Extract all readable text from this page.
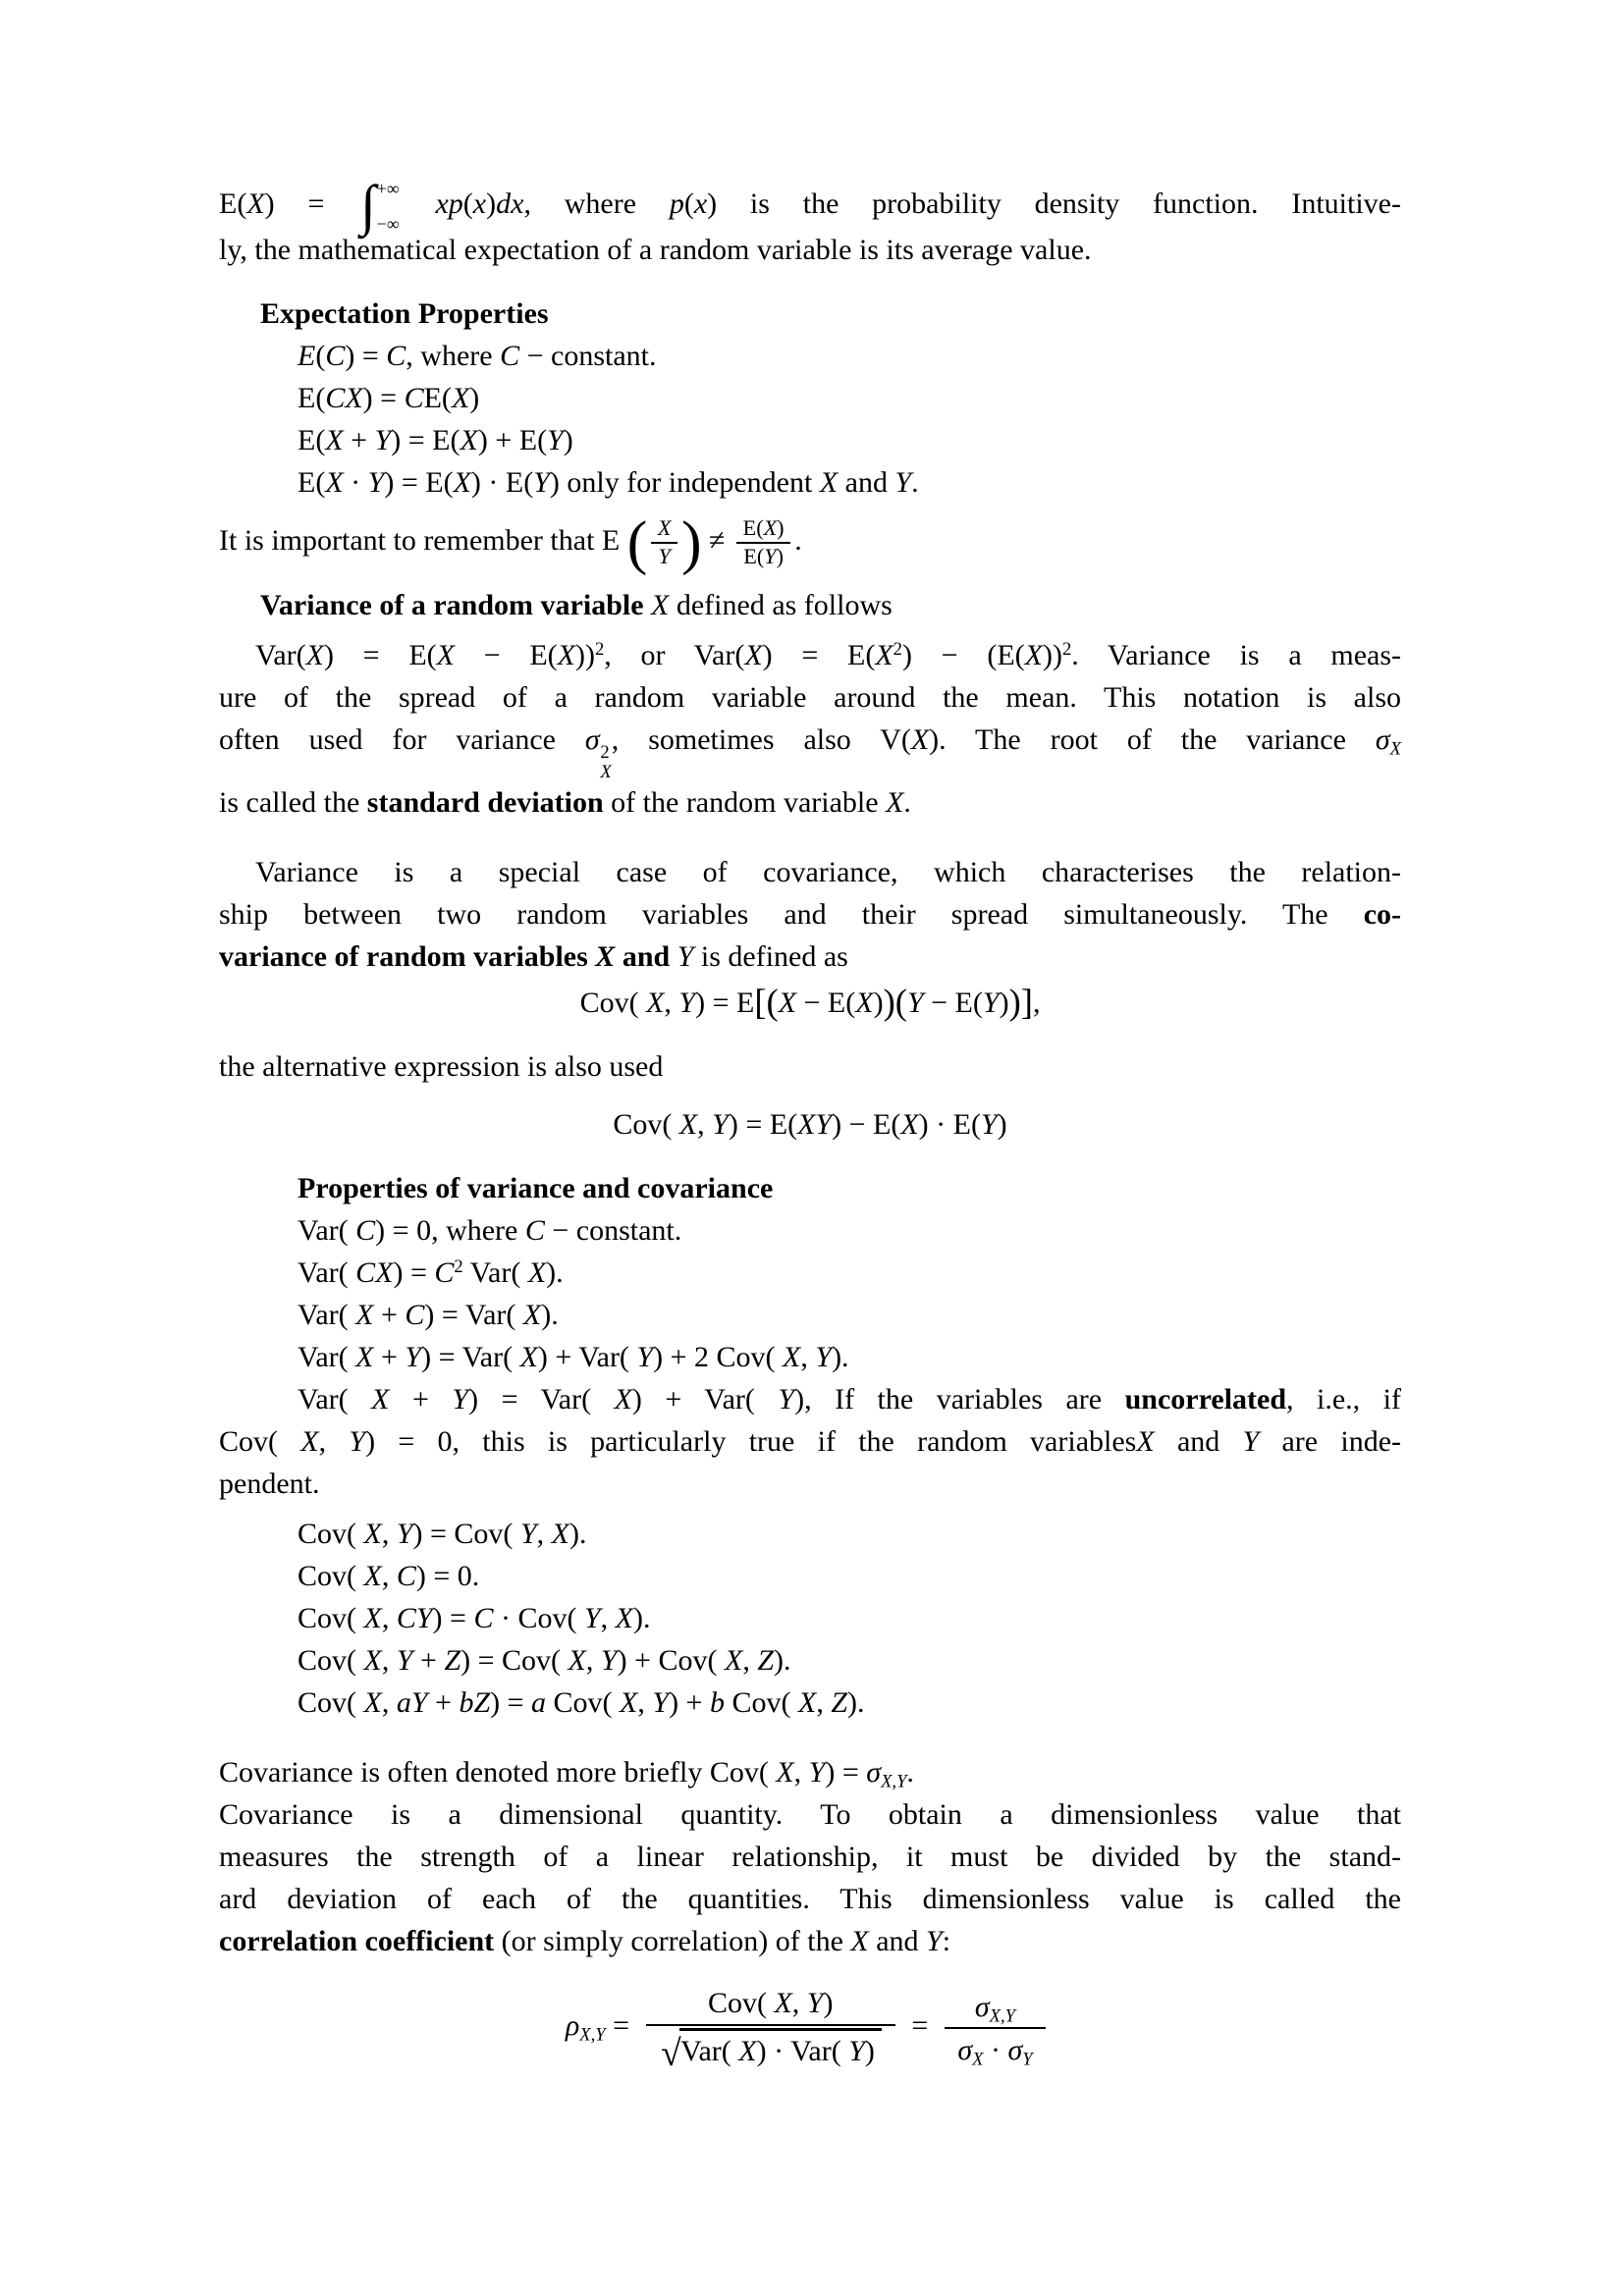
E(X) = ∫ +∞
−∞
xp(x)dx, where p(x) is the probability density function. Intuitive-
ly, the mathematical expectation of a random variable is its average value.
Expectation Properties
E(C) = C, where C − constant.
E(CX) = CE(X)
E(X + Y) = E(X) + E(Y)
E(X · Y) = E(X) · E(Y) only for independent X and Y.
It is important to remember that E ( $\frac{X}{Y}$ ) ≠ $\frac{E(X)}{E(Y)}$ .
Variance of a random variable X defined as follows
$Var(X) = E(X - E(X))^2$, or $Var(X) = E(X^2) - (E(X))^2$. Variance is a meas-
ure of the spread of a random variable around the mean. This notation is also
often used for variance σ 2
X
, sometimes also V(X). The root of the variance $\sigma_X$
is called the standard deviation of the random variable X.
Variance is a special case of covariance, which characterises the relation-
ship between two random variables and their spread simultaneously. The co-
variance of random variables X and Y is defined as
Cov( X, Y) = E[(X − E(X))(Y − E(Y))],
the alternative expression is also used
Cov( X, Y) = E(XY) − E(X) · E(Y)
Properties of variance and covariance
Var( C) = 0, where C − constant.
Var( $CX) = C^2$ Var( X).
Var( X + C) = Var( X).
Var( X + Y) = Var( X) + Var( Y) + 2 Cov( X, Y).
Var( X + Y) = Var( X) + Var( Y), If the variables are uncorrelated, i.e., if
Cov( X, Y) = 0, this is particularly true if the random variablesX and Y are inde-
pendent.
Cov( X, Y) = Cov( Y, X).
Cov( X, C) = 0.
Cov( X, CY) = C · Cov( Y, X).
Cov( X, Y + Z) = Cov( X, Y) + Cov( X, Z).
Cov( X, aY + bZ) = a Cov( X, Y) + b Cov( X, Z).
Covariance is often denoted more briefly Cov( X, $Y) = \sigma_{X,Y}$.
Covariance is a dimensional quantity. To obtain a dimensionless value that
measures the strength of a linear relationship, it must be divided by the stand-
ard deviation of each of the quantities. This dimensionless value is called the
correlation coefficient (or simply correlation) of the X and Y:
$\rho_{X,Y} = \frac{\text{Cov( X, Y)}}{\text{√ Var( X) · Var( Y)}} = \frac{\sigma_{X,Y}}{\sigma_X \cdot \sigma_Y}$
